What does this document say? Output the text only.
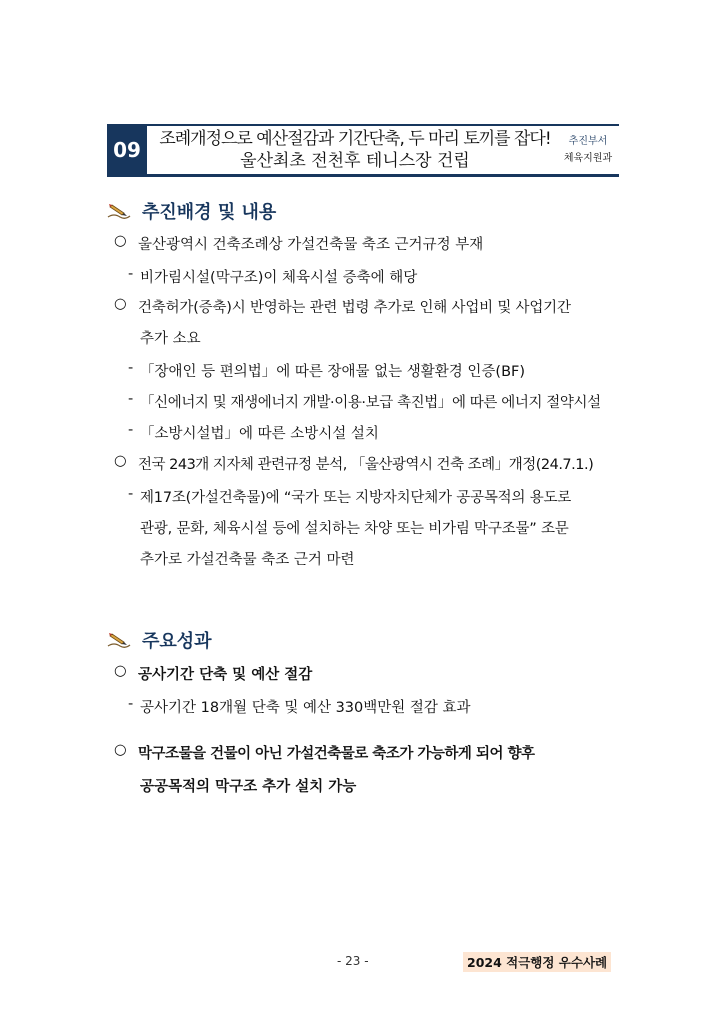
09	조례개정으로 예산절감과 기간단축, 두 마리 토끼를 잡다!
울산최초 전천후 테니스장 건립
추진부서
체육지원과
추진배경 및 내용
○ 울산광역시 건축조례상 가설건축물 축조 근거규정 부재
- 비가림시설(막구조)이 체육시설 증축에 해당
○ 건축허가(증축)시 반영하는 관련 법령 추가로 인해 사업비 및 사업기간
추가 소요
- 「장애인 등 편의법」에 따른 장애물 없는 생활환경 인증(BF)
- 「신에너지 및 재생에너지 개발·이용·보급 촉진법」에 따른 에너지 절약시설
- 「소방시설법」에 따른 소방시설 설치
○ 전국 243개 지자체 관련규정 분석, 「울산광역시 건축 조례」개정(24.7.1.)
- 제17조(가설건축물)에 “국가 또는 지방자치단체가 공공목적의 용도로
관광, 문화, 체육시설 등에 설치하는 차양 또는 비가림 막구조물” 조문
추가로 가설건축물 축조 근거 마련
주요성과
○ 공사기간 단축 및 예산 절감
- 공사기간 18개월 단축 및 예산 330백만원 절감 효과
○ 막구조물을 건물이 아닌 가설건축물로 축조가 가능하게 되어 향후
공공목적의 막구조 추가 설치 가능
- 23 -	2024 적극행정 우수사례
